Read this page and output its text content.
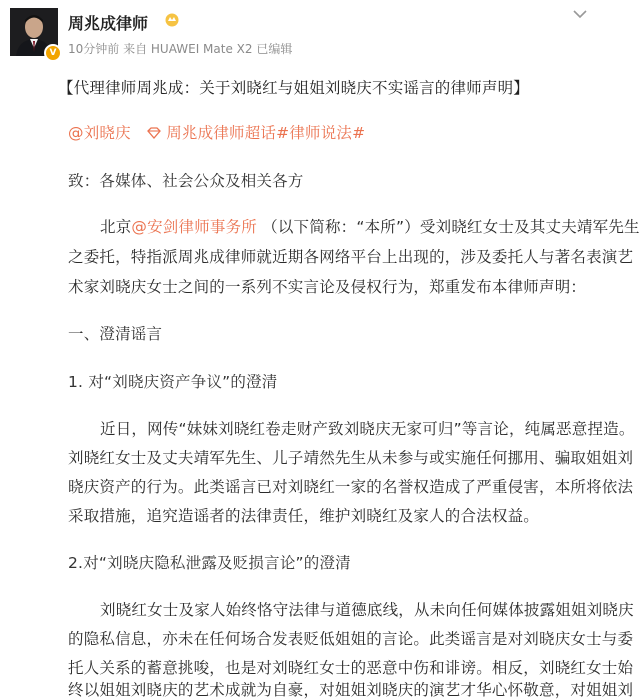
V
周兆成律师
10分钟前 来自 HUAWEI Mate X2 已编辑
【代理律师周兆成：关于刘晓红与姐姐刘晓庆不实谣言的律师声明】
@刘晓庆 周兆成律师超话#律师说法#
致：各媒体、社会公众及相关各方
北京@安剑律师事务所 （以下简称：“本所”）受刘晓红女士及其丈夫靖军先生
之委托，特指派周兆成律师就近期各网络平台上出现的，涉及委托人与著名表演艺
术家刘晓庆女士之间的一系列不实言论及侵权行为，郑重发布本律师声明：
一、澄清谣言
1. 对“刘晓庆资产争议”的澄清
近日，网传“妹妹刘晓红卷走财产致刘晓庆无家可归”等言论，纯属恶意捏造。
刘晓红女士及丈夫靖军先生、儿子靖然先生从未参与或实施任何挪用、骗取姐姐刘
晓庆资产的行为。此类谣言已对刘晓红一家的名誉权造成了严重侵害，本所将依法
采取措施，追究造谣者的法律责任，维护刘晓红及家人的合法权益。
2.对“刘晓庆隐私泄露及贬损言论”的澄清
刘晓红女士及家人始终恪守法律与道德底线，从未向任何媒体披露姐姐刘晓庆
的隐私信息，亦未在任何场合发表贬低姐姐的言论。此类谣言是对刘晓庆女士与委
托人关系的蓄意挑唆，也是对刘晓红女士的恶意中伤和诽谤。相反，刘晓红女士始
终以姐姐刘晓庆的艺术成就为自豪，对姐姐刘晓庆的演艺才华心怀敬意，对姐姐刘
